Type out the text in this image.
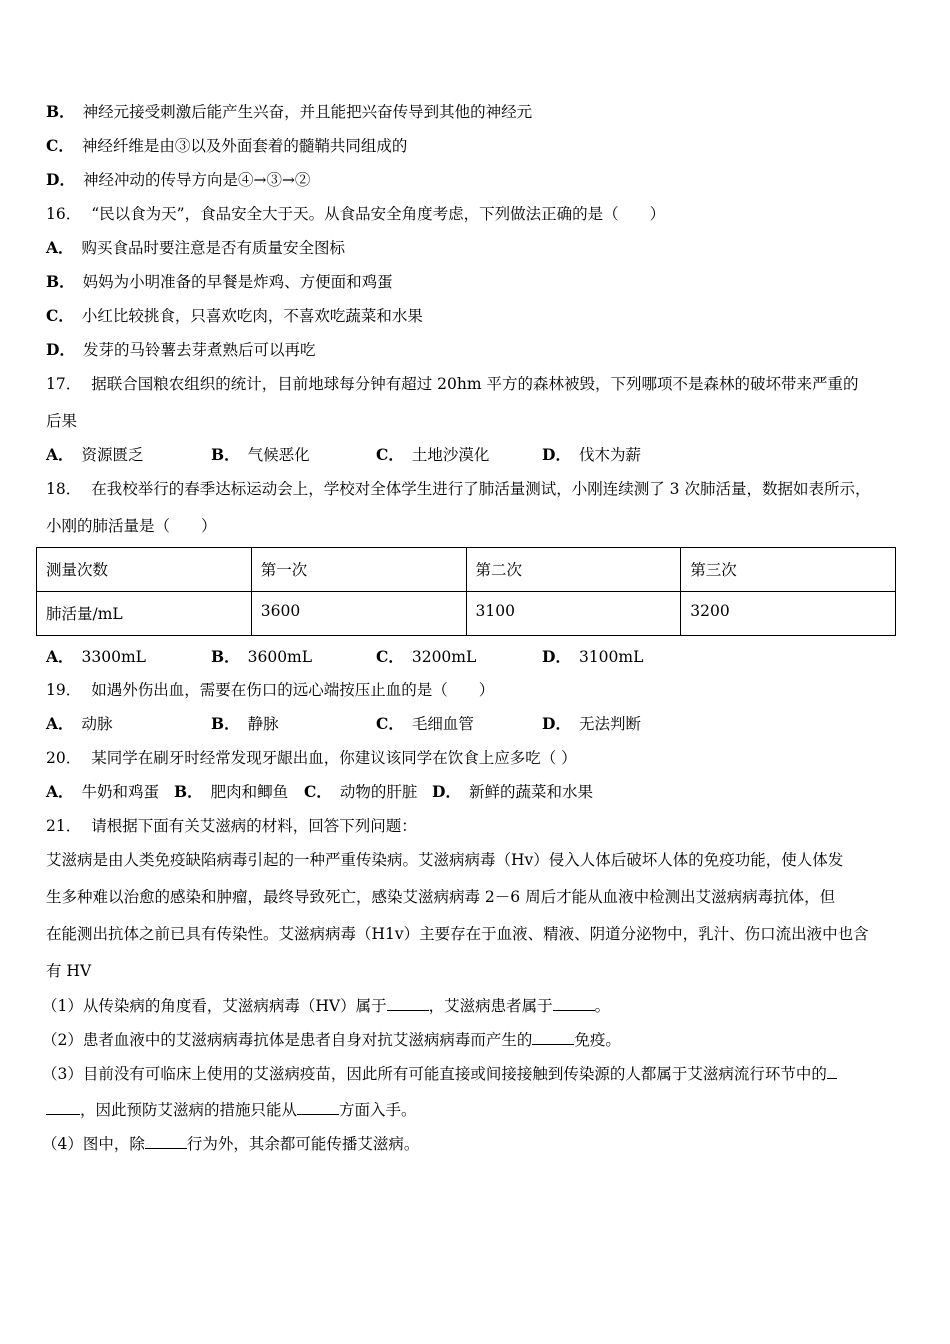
B． 神经元接受刺激后能产生兴奋，并且能把兴奋传导到其他的神经元
C． 神经纤维是由③以及外面套着的髓鞘共同组成的
D． 神经冲动的传导方向是④→③→②
16． “民以食为天”，食品安全大于天。从食品安全角度考虑，下列做法正确的是（　　）
A． 购买食品时要注意是否有质量安全图标
B． 妈妈为小明准备的早餐是炸鸡、方便面和鸡蛋
C． 小红比较挑食，只喜欢吃肉，不喜欢吃蔬菜和水果
D． 发芽的马铃薯去芽煮熟后可以再吃
17． 据联合国粮农组织的统计，目前地球每分钟有超过 20hm 平方的森林被毁，下列哪项不是森林的破坏带来严重的
后果
A． 资源匮乏	B． 气候恶化	C． 土地沙漠化	D． 伐木为薪
18． 在我校举行的春季达标运动会上，学校对全体学生进行了肺活量测试，小刚连续测了 3 次肺活量，数据如表所示，
小刚的肺活量是（　　）
测量次数	第一次	第二次	第三次
肺活量/mL	3600	3100	3200
A． 3300mL	B． 3600mL	C． 3200mL	D． 3100mL
19． 如遇外伤出血，需要在伤口的远心端按压止血的是（　　）
A． 动脉	B． 静脉	C． 毛细血管	D． 无法判断
20． 某同学在刷牙时经常发现牙龈出血，你建议该同学在饮食上应多吃（ ）
A． 牛奶和鸡蛋 B． 肥肉和鲫鱼 C． 动物的肝脏 D． 新鲜的蔬菜和水果
21． 请根据下面有关艾滋病的材料，回答下列问题：
艾滋病是由人类免疫缺陷病毒引起的一种严重传染病。艾滋病病毒（Hv）侵入人体后破坏人体的免疫功能，使人体发
生多种难以治愈的感染和肿瘤，最终导致死亡，感染艾滋病病毒 2－6 周后才能从血液中检测出艾滋病病毒抗体，但
在能测出抗体之前已具有传染性。艾滋病病毒（H1v）主要存在于血液、精液、阴道分泌物中，乳汁、伤口流出液中也含
有 HV
（1）从传染病的角度看，艾滋病病毒（HV）属于	，艾滋病患者属于	。
（2）患者血液中的艾滋病病毒抗体是患者自身对抗艾滋病病毒而产生的	免疫。
（3）目前没有可临床上使用的艾滋病疫苗，因此所有可能直接或间接接触到传染源的人都属于艾滋病流行环节中的
，因此预防艾滋病的措施只能从	方面入手。
（4）图中，除	行为外，其余都可能传播艾滋病。
